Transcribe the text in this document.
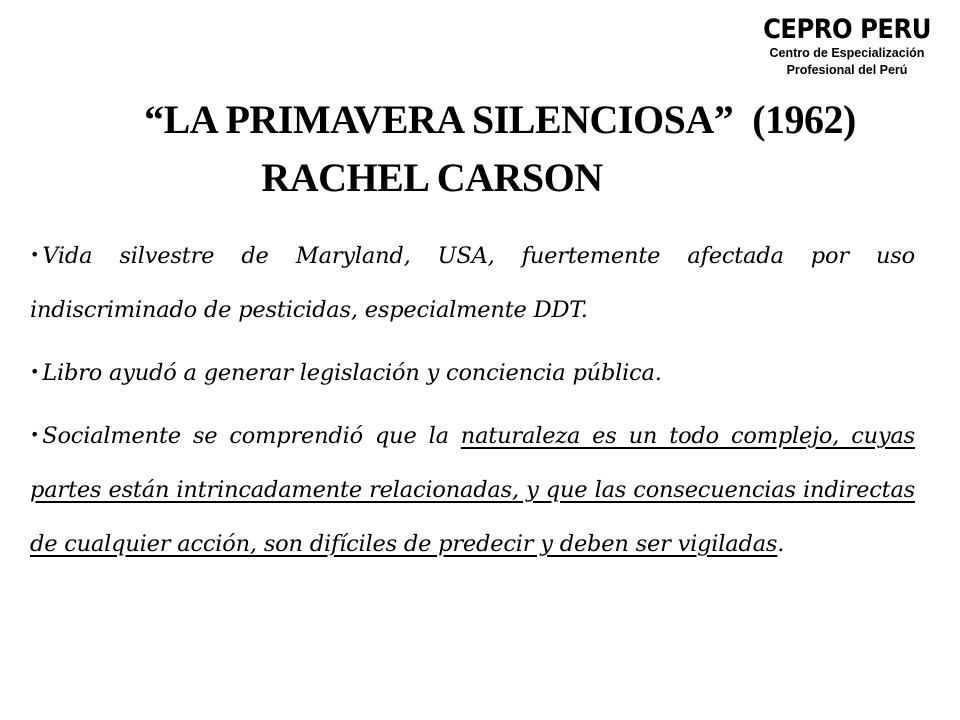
CEPRO PERU
Centro de Especialización
Profesional del Perú
“LA PRIMAVERA SILENCIOSA”  (1962)
RACHEL CARSON

• Vida silvestre de Maryland, USA, fuertemente afectada por uso indiscriminado de pesticidas, especialmente DDT.

• Libro ayudó a generar legislación y conciencia pública.

• Socialmente se comprendió que la naturaleza es un todo complejo, cuyas partes están intrincadamente relacionadas, y que las consecuencias indirectas de cualquier acción, son difíciles de predecir y deben ser vigiladas.
